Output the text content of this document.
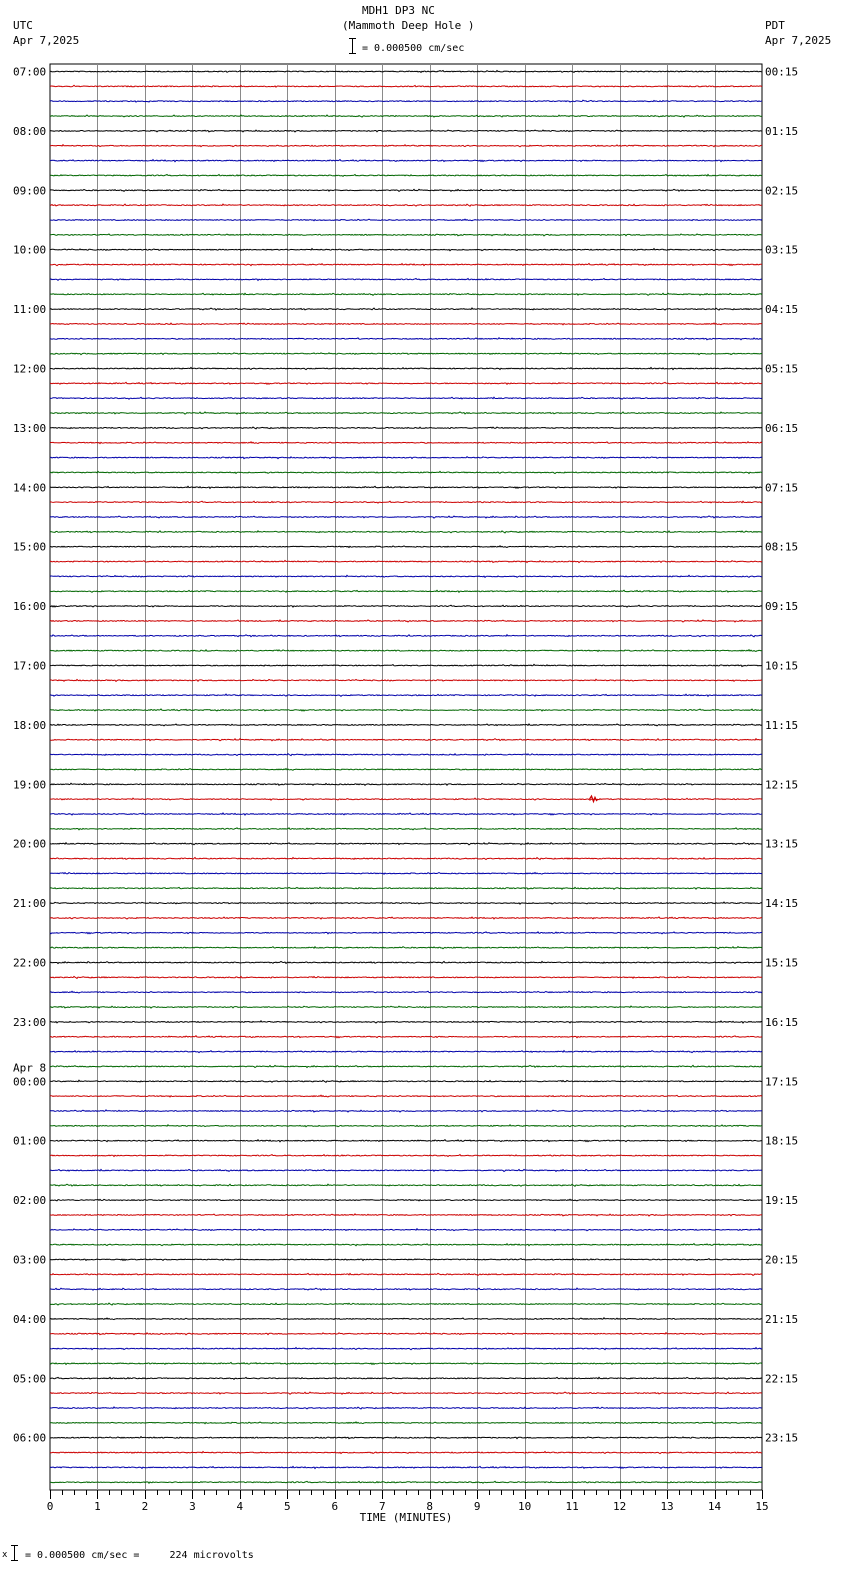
MDH1 DP3 NC
(Mammoth Deep Hole )
= 0.000500 cm/sec
UTC
Apr 7,2025
PDT
Apr 7,2025
0	1	2	3	4	5	6	7	8	9	10	11	12	13	14	15
TIME (MINUTES)
07:00
08:00
09:00
10:00
11:00
12:00
13:00
14:00
15:00
16:00
17:00
18:00
19:00
20:00
21:00
22:00
23:00
00:00
01:00
02:00
03:00
04:00
05:00
06:00
Apr 8
00:15
01:15
02:15
03:15
04:15
05:15
06:15
07:15
08:15
09:15
10:15
11:15
12:15
13:15
14:15
15:15
16:15
17:15
18:15
19:15
20:15
21:15
22:15
23:15
x = 0.000500 cm/sec =     224 microvolts
